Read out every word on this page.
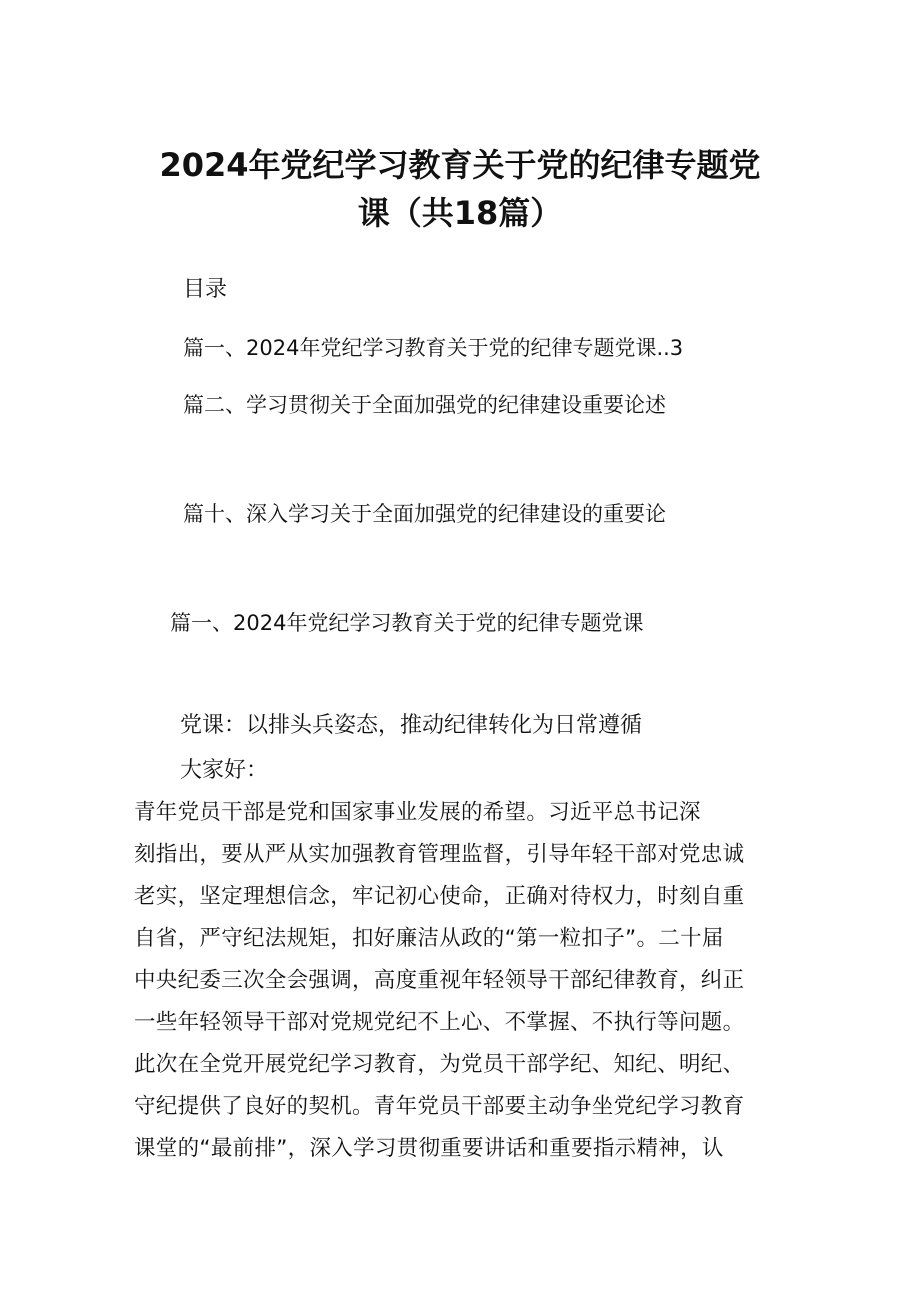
2024年党纪学习教育关于党的纪律专题党
课（共18篇）
目录
篇一、2024年党纪学习教育关于党的纪律专题党课..3
篇二、学习贯彻关于全面加强党的纪律建设重要论述
篇十、深入学习关于全面加强党的纪律建设的重要论
篇一、2024年党纪学习教育关于党的纪律专题党课
党课：以排头兵姿态，推动纪律转化为日常遵循
大家好：
青年党员干部是党和国家事业发展的希望。习近平总书记深
刻指出，要从严从实加强教育管理监督，引导年轻干部对党忠诚
老实，坚定理想信念，牢记初心使命，正确对待权力，时刻自重
自省，严守纪法规矩，扣好廉洁从政的“第一粒扣子”。二十届
中央纪委三次全会强调，高度重视年轻领导干部纪律教育，纠正
一些年轻领导干部对党规党纪不上心、不掌握、不执行等问题。
此次在全党开展党纪学习教育，为党员干部学纪、知纪、明纪、
守纪提供了良好的契机。青年党员干部要主动争坐党纪学习教育
课堂的“最前排”，深入学习贯彻重要讲话和重要指示精神，认
